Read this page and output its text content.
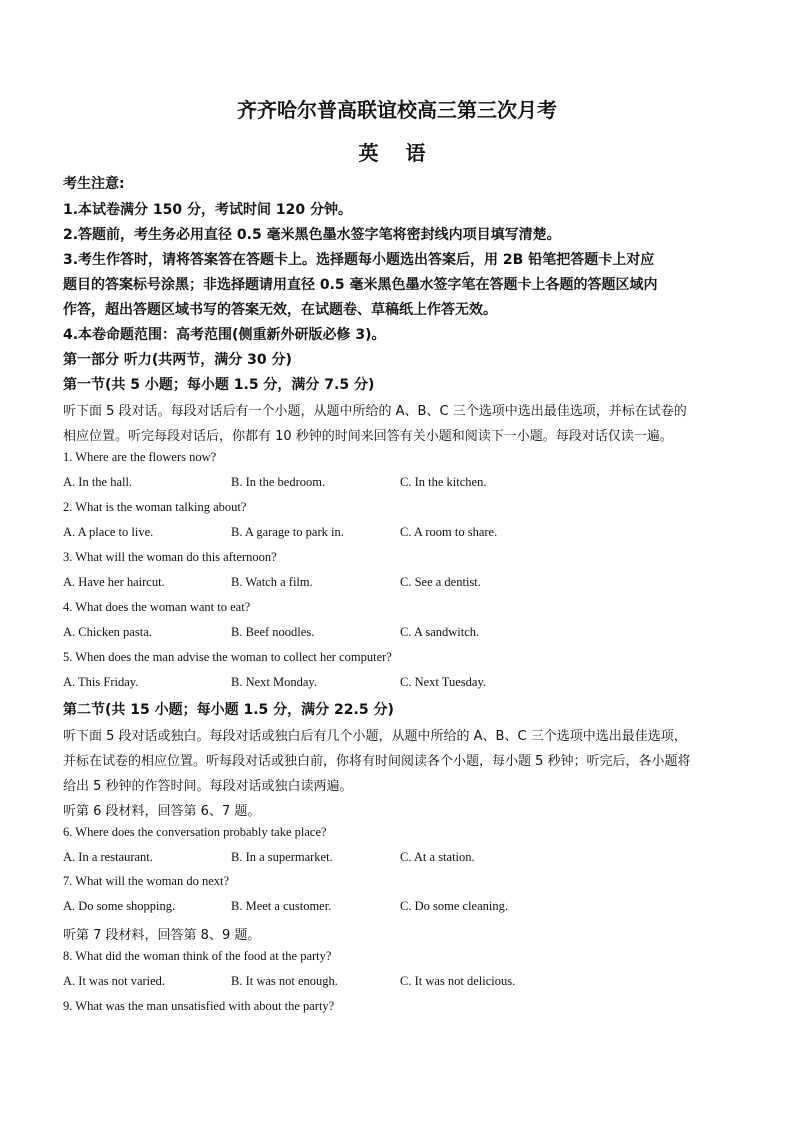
齐齐哈尔普高联谊校高三第三次月考
英 语
考生注意:
1.本试卷满分 150 分，考试时间 120 分钟。
2.答题前，考生务必用直径 0.5 毫米黑色墨水签字笔将密封线内项目填写清楚。
3.考生作答时，请将答案答在答题卡上。选择题每小题选出答案后，用 2B 铅笔把答题卡上对应
题目的答案标号涂黑；非选择题请用直径 0.5 毫米黑色墨水签字笔在答题卡上各题的答题区域内
作答，超出答题区域书写的答案无效，在试题卷、草稿纸上作答无效。
4.本卷命题范围：高考范围(侧重新外研版必修 3)。
第一部分 听力(共两节，满分 30 分)
第一节(共 5 小题；每小题 1.5 分，满分 7.5 分)
听下面 5 段对话。每段对话后有一个小题，从题中所给的 A、B、C 三个选项中选出最佳选项，并标在试卷的
相应位置。听完每段对话后，你都有 10 秒钟的时间来回答有关小题和阅读下一小题。每段对话仅读一遍。
1. Where are the flowers now?
A. In the hall.	B. In the bedroom.	C. In the kitchen.
2. What is the woman talking about?
A. A place to live.	B. A garage to park in.	C. A room to share.
3. What will the woman do this afternoon?
A. Have her haircut.	B. Watch a film.	C. See a dentist.
4. What does the woman want to eat?
A. Chicken pasta.	B. Beef noodles.	C. A sandwitch.
5. When does the man advise the woman to collect her computer?
A. This Friday.	B. Next Monday.	C. Next Tuesday.
第二节(共 15 小题；每小题 1.5 分，满分 22.5 分)
听下面 5 段对话或独白。每段对话或独白后有几个小题，从题中所给的 A、B、C 三个选项中选出最佳选项，
并标在试卷的相应位置。听每段对话或独白前，你将有时间阅读各个小题，每小题 5 秒钟；听完后，各小题将
给出 5 秒钟的作答时间。每段对话或独白读两遍。
听第 6 段材料，回答第 6、7 题。
6. Where does the conversation probably take place?
A. In a restaurant.	B. In a supermarket.	C. At a station.
7. What will the woman do next?
A. Do some shopping.	B. Meet a customer.	C. Do some cleaning.
听第 7 段材料，回答第 8、9 题。
8. What did the woman think of the food at the party?
A. It was not varied.	B. It was not enough.	C. It was not delicious.
9. What was the man unsatisfied with about the party?
